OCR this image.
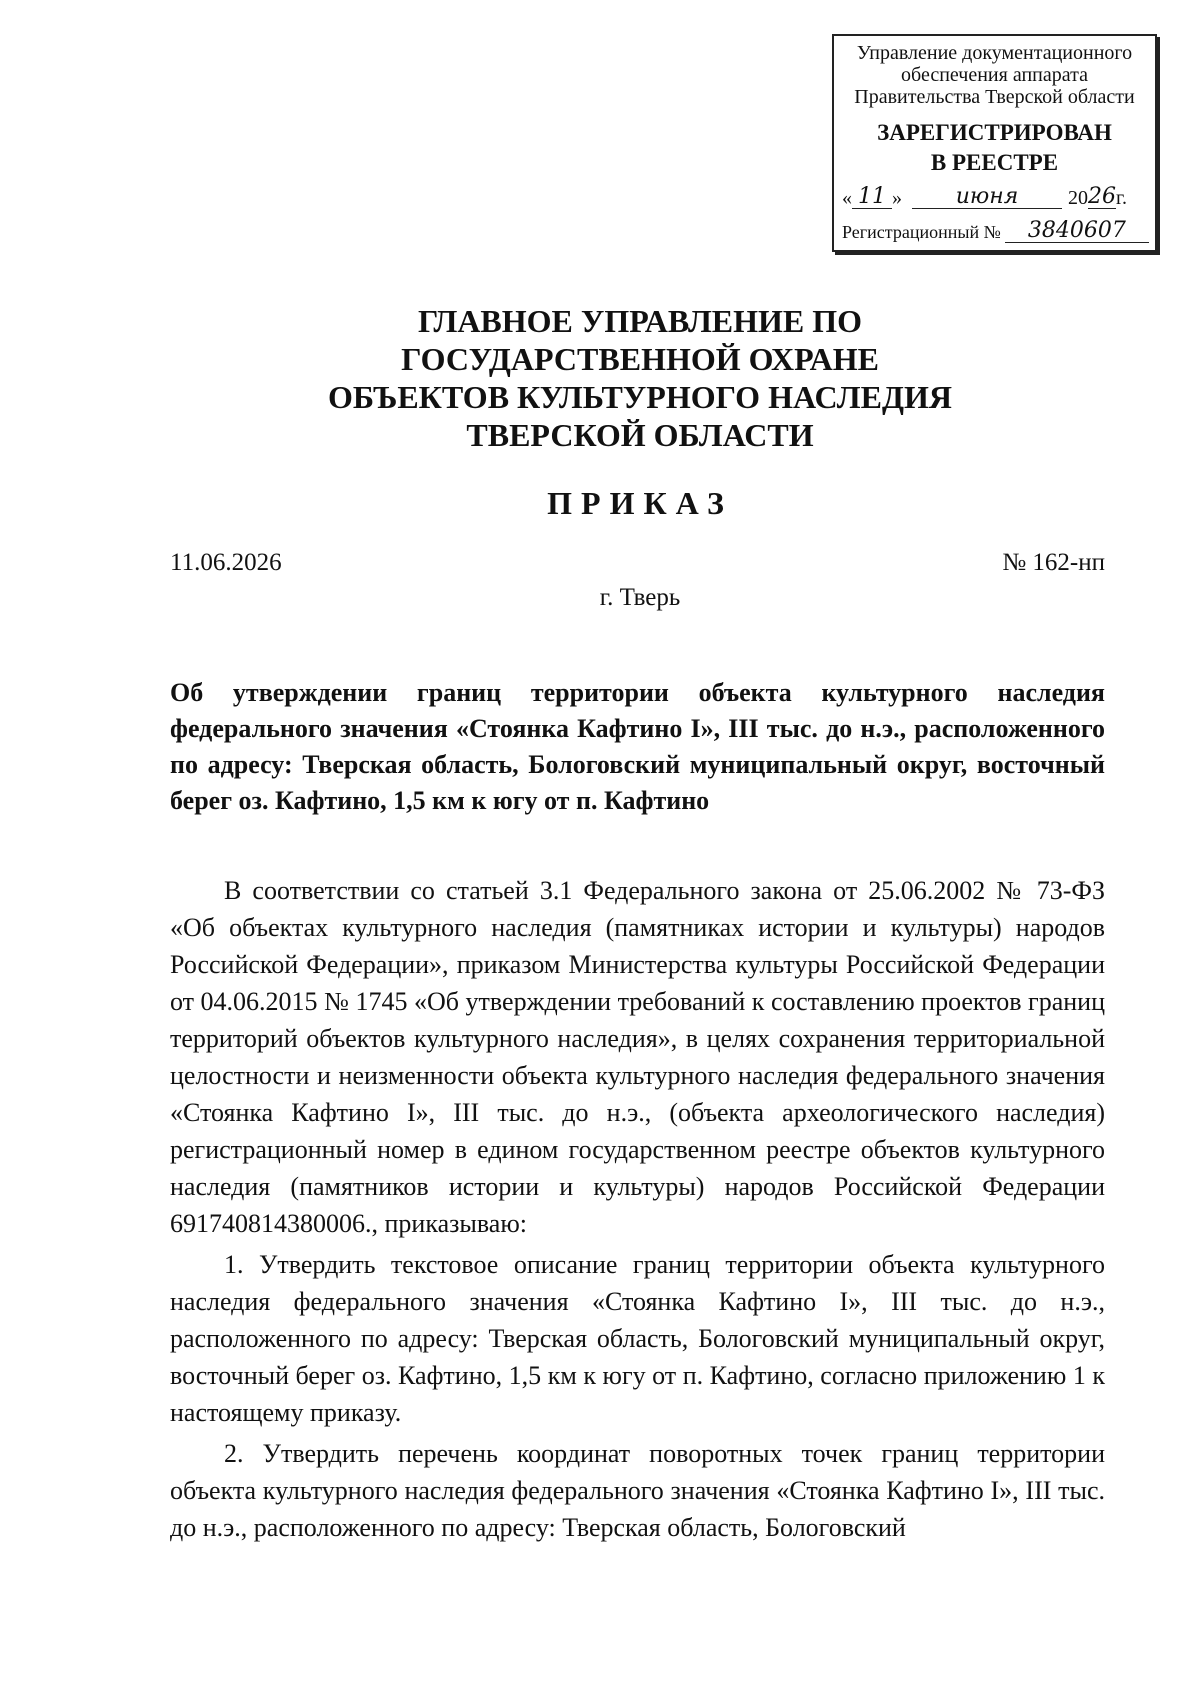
Управление документационного
обеспечения аппарата
Правительства Тверской области
ЗАРЕГИСТРИРОВАН
В РЕЕСТРЕ
« 11 »	июня	20 26 г.
Регистрационный №	3840607
ГЛАВНОЕ УПРАВЛЕНИЕ ПО
ГОСУДАРСТВЕННОЙ ОХРАНЕ
ОБЪЕКТОВ КУЛЬТУРНОГО НАСЛЕДИЯ
ТВЕРСКОЙ ОБЛАСТИ
ПРИКАЗ
11.06.2026	№ 162-нп
г. Тверь
Об утверждении границ территории объекта культурного наследия федерального значения «Стоянка Кафтино I», III тыс. до н.э., расположенного по адресу: Тверская область, Бологовский муниципальный округ, восточный берег оз. Кафтино, 1,5 км к югу от п. Кафтино

В соответствии со статьей 3.1 Федерального закона от 25.06.2002 № 73-ФЗ «Об объектах культурного наследия (памятниках истории и культуры) народов Российской Федерации», приказом Министерства культуры Российской Федерации от 04.06.2015 № 1745 «Об утверждении требований к составлению проектов границ территорий объектов культурного наследия», в целях сохранения территориальной целостности и неизменности объекта культурного наследия федерального значения «Стоянка Кафтино I», III тыс. до н.э., (объекта археологического наследия) регистрационный номер в едином государственном реестре объектов культурного наследия (памятников истории и культуры) народов Российской Федерации 691740814380006., приказываю:

1. Утвердить текстовое описание границ территории объекта культурного наследия федерального значения «Стоянка Кафтино I», III тыс. до н.э., расположенного по адресу: Тверская область, Бологовский муниципальный округ, восточный берег оз. Кафтино, 1,5 км к югу от п. Кафтино, согласно приложению 1 к настоящему приказу.

2. Утвердить перечень координат поворотных точек границ территории объекта культурного наследия федерального значения «Стоянка Кафтино I», III тыс. до н.э., расположенного по адресу: Тверская область, Бологовский
